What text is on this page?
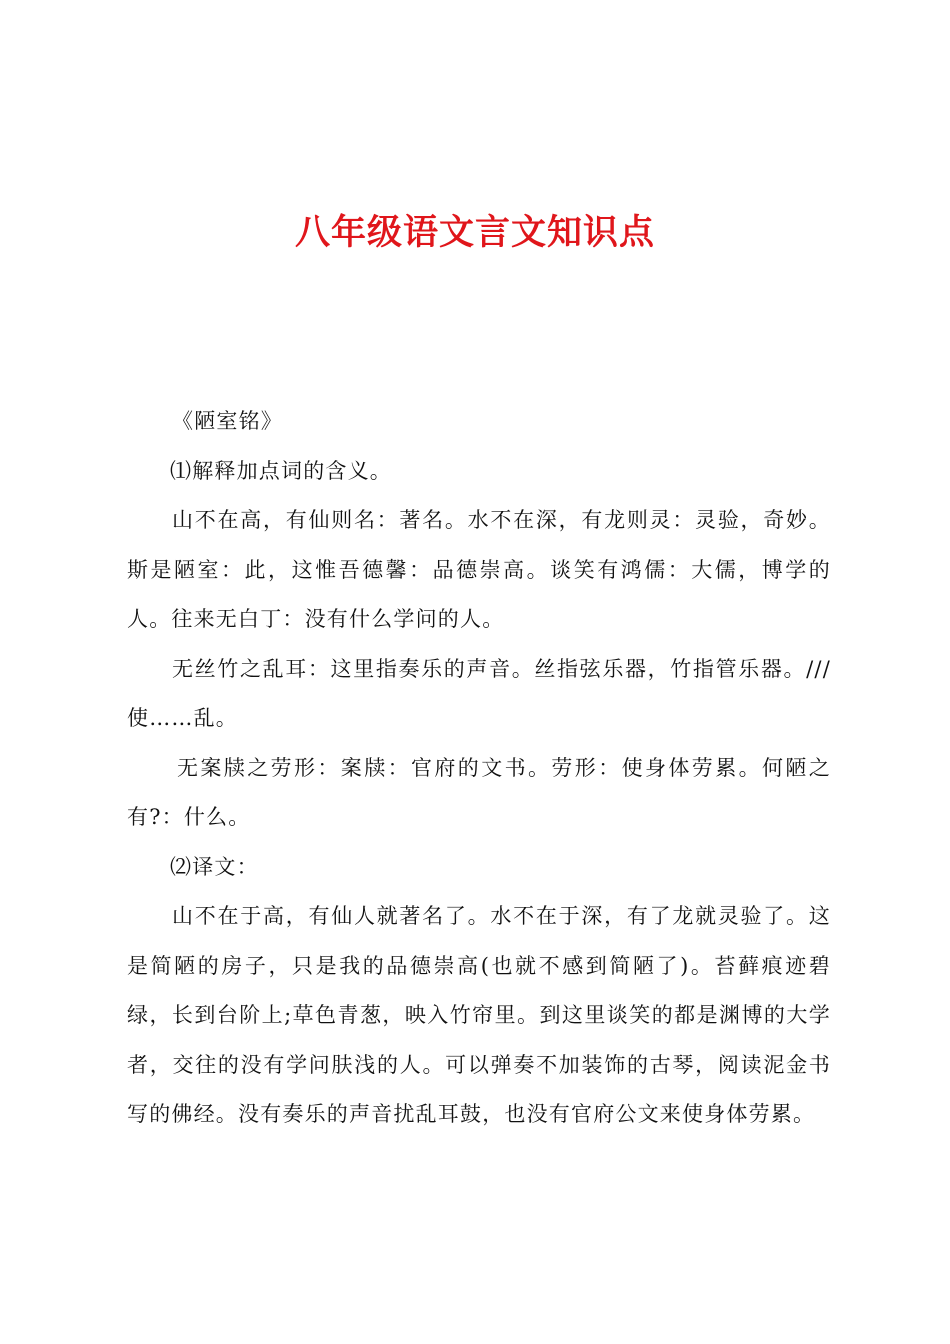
八年级语文言文知识点

《陋室铭》

⑴解释加点词的含义。

山不在高，有仙则名：著名。水不在深，有龙则灵：灵验，奇妙。斯是陋室：此，这惟吾德馨：品德崇高。谈笑有鸿儒：大儒，博学的人。往来无白丁：没有什么学问的人。

无丝竹之乱耳：这里指奏乐的声音。丝指弦乐器，竹指管乐器。///使……乱。

无案牍之劳形：案牍：官府的文书。劳形：使身体劳累。何陋之有?：什么。

⑵译文：

山不在于高，有仙人就著名了。水不在于深，有了龙就灵验了。这是简陋的房子，只是我的品德崇高(也就不感到简陋了)。苔藓痕迹碧绿，长到台阶上;草色青葱，映入竹帘里。到这里谈笑的都是渊博的大学者，交往的没有学问肤浅的人。可以弹奏不加装饰的古琴，阅读泥金书写的佛经。没有奏乐的声音扰乱耳鼓，也没有官府公文来使身体劳累。
